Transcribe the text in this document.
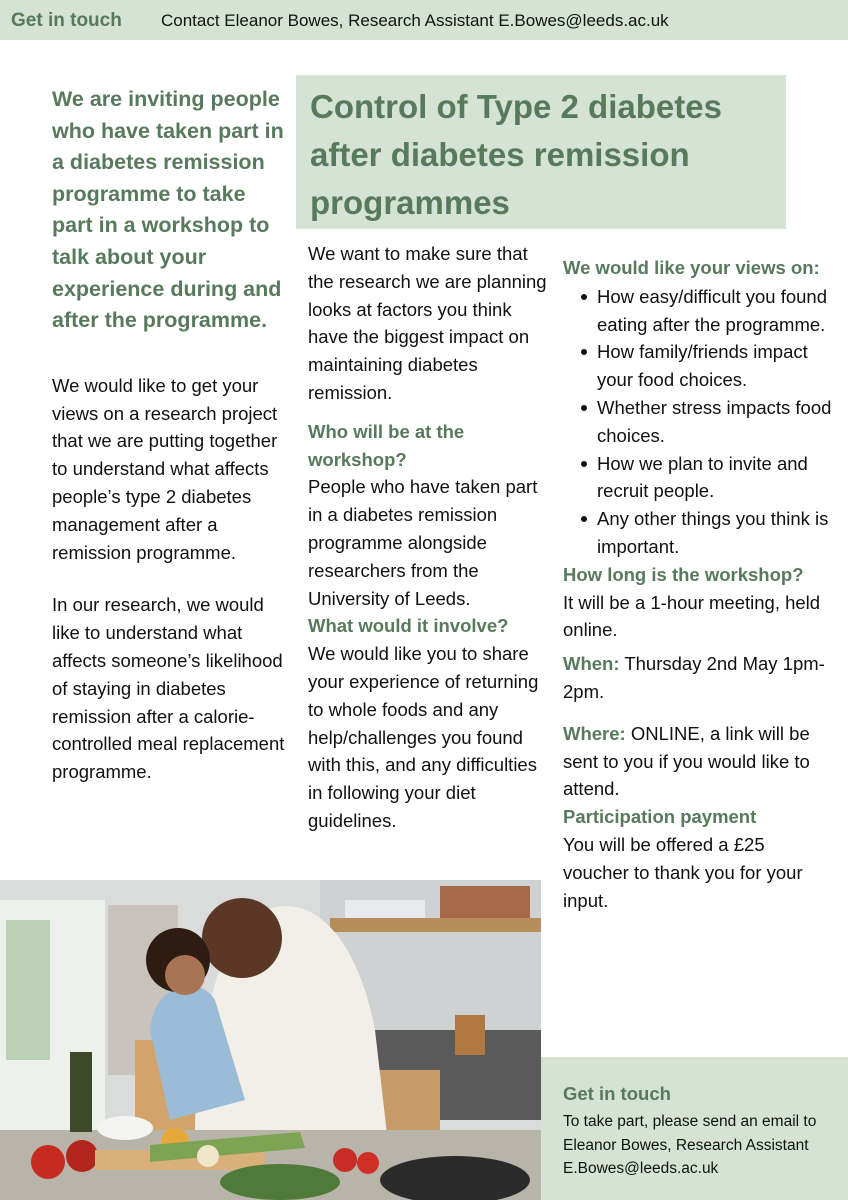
Get in touch Contact Eleanor Bowes, Research Assistant E.Bowes@leeds.ac.uk

We are inviting people who have taken part in a diabetes remission programme to take part in a workshop to talk about your experience during and after the programme.

We would like to get your views on a research project that we are putting together to understand what affects people’s type 2 diabetes management after a remission programme.

In our research, we would like to understand what affects someone’s likelihood of staying in diabetes remission after a calorie-controlled meal replacement programme.

Control of Type 2 diabetes after diabetes remission programmes

We want to make sure that the research we are planning looks at factors you think have the biggest impact on maintaining diabetes remission.

Who will be at the workshop?

People who have taken part in a diabetes remission programme alongside researchers from the University of Leeds.

What would it involve?

We would like you to share your experience of returning to whole foods and any help/challenges you found with this, and any difficulties in following your diet guidelines.

We would like your views on:

How easy/difficult you found eating after the programme.
How family/friends impact your food choices.
Whether stress impacts food choices.
How we plan to invite and recruit people.
Any other things you think is important.

How long is the workshop?

It will be a 1-hour meeting, held online.

When: Thursday 2nd May 1pm-2pm.

Where: ONLINE, a link will be sent to you if you would like to attend.

Participation payment

You will be offered a £25 voucher to thank you for your input.

Get in touch

To take part, please send an email to Eleanor Bowes, Research Assistant E.Bowes@leeds.ac.uk
